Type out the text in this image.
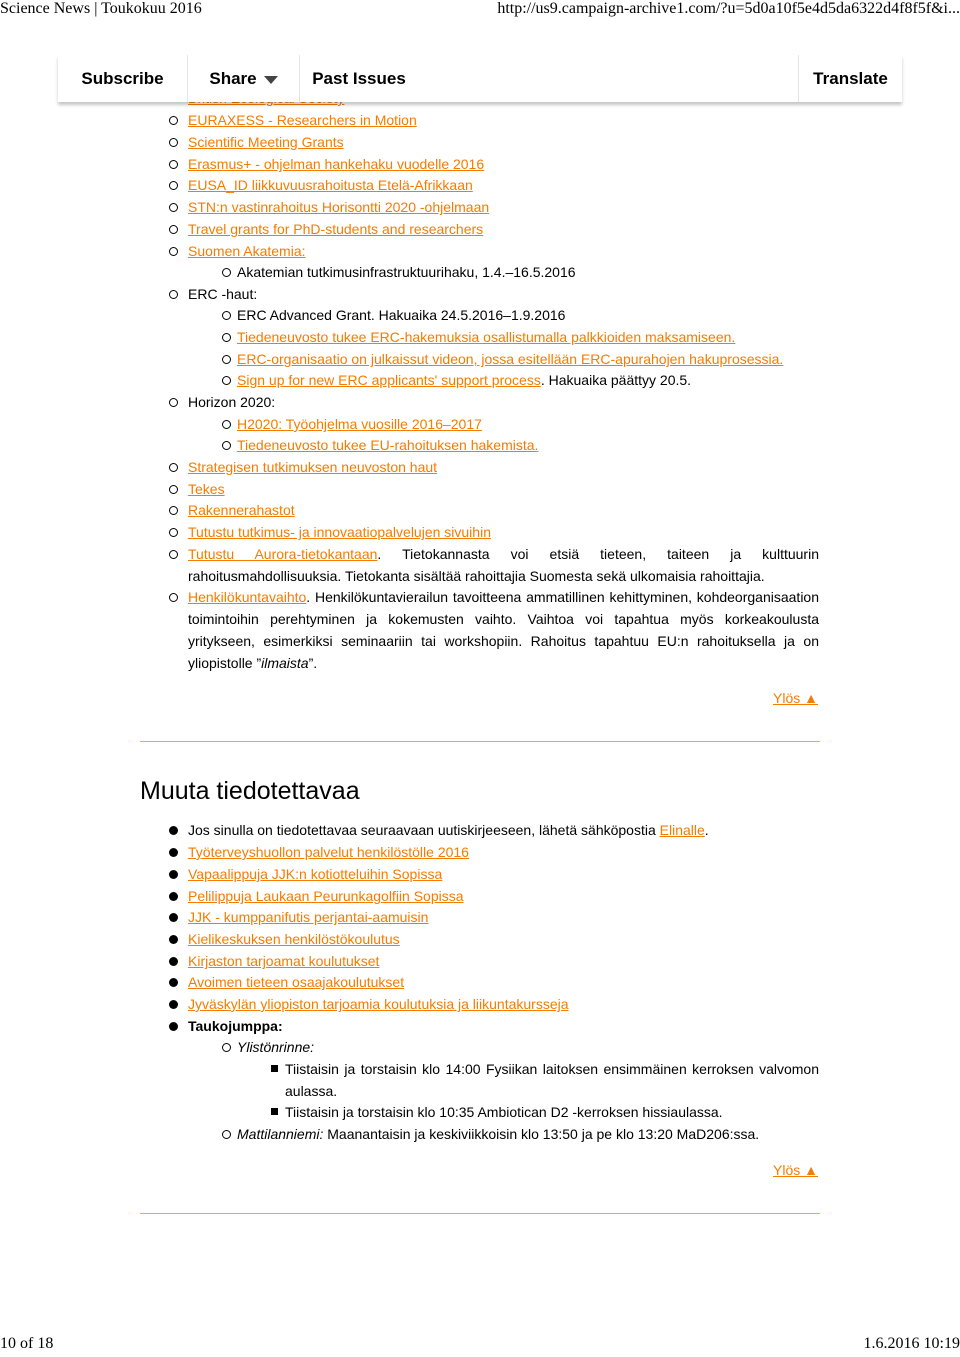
Science News | Toukokuu 2016	http://us9.campaign-archive1.com/?u=5d0a10f5e4d5da6322d4f8f5f&i...
Subscribe	Share	Past Issues	Translate
EURAXESS - Researchers in Motion
Scientific Meeting Grants
Erasmus+ - ohjelman hankehaku vuodelle 2016
EUSA_ID liikkuvuusrahoitusta Etelä-Afrikkaan
STN:n vastinrahoitus Horisontti 2020 -ohjelmaan
Travel grants for PhD-students and researchers
Suomen Akatemia:
Akatemian tutkimusinfrastruktuurihaku, 1.4.–16.5.2016
ERC -haut:
ERC Advanced Grant. Hakuaika 24.5.2016–1.9.2016
Tiedeneuvosto tukee ERC-hakemuksia osallistumalla palkkioiden maksamiseen.
ERC-organisaatio on julkaissut videon, jossa esitellään ERC-apurahojen hakuprosessia.
Sign up for new ERC applicants' support process. Hakuaika päättyy 20.5.
Horizon 2020:
H2020: Työohjelma vuosille 2016–2017
Tiedeneuvosto tukee EU-rahoituksen hakemista.
Strategisen tutkimuksen neuvoston haut
Tekes
Rakennerahastot
Tutustu tutkimus- ja innovaatiopalvelujen sivuihin
Tutustu Aurora-tietokantaan. Tietokannasta voi etsiä tieteen, taiteen ja kulttuurin rahoitusmahdollisuuksia. Tietokanta sisältää rahoittajia Suomesta sekä ulkomaisia rahoittajia.
Henkilökuntavaihto. Henkilökuntavierailun tavoitteena ammatillinen kehittyminen, kohdeorganisaation toimintoihin perehtyminen ja kokemusten vaihto. Vaihtoa voi tapahtua myös korkeakoulusta yritykseen, esimerkiksi seminaariin tai workshopiin. Rahoitus tapahtuu EU:n rahoituksella ja on yliopistolle ”ilmaista”.
Ylös ▲
Muuta tiedotettavaa
Jos sinulla on tiedotettavaa seuraavaan uutiskirjeeseen, lähetä sähköpostia Elinalle.
Työterveyshuollon palvelut henkilöstölle 2016
Vapaalippuja JJK:n kotiotteluihin Sopissa
Pelilippuja Laukaan Peurunkagolfiin Sopissa
JJK - kumppanifutis perjantai-aamuisin
Kielikeskuksen henkilöstökoulutus
Kirjaston tarjoamat koulutukset
Avoimen tieteen osaajakoulutukset
Jyväskylän yliopiston tarjoamia koulutuksia ja liikuntakursseja
Taukojumppa:
Ylistönrinne:
Tiistaisin ja torstaisin klo 14:00 Fysiikan laitoksen ensimmäinen kerroksen valvomon aulassa.
Tiistaisin ja torstaisin klo 10:35 Ambiotican D2 -kerroksen hissiaulassa.
Mattilanniemi: Maanantaisin ja keskiviikkoisin klo 13:50 ja pe klo 13:20 MaD206:ssa.
Ylös ▲
10 of 18	1.6.2016 10:19
